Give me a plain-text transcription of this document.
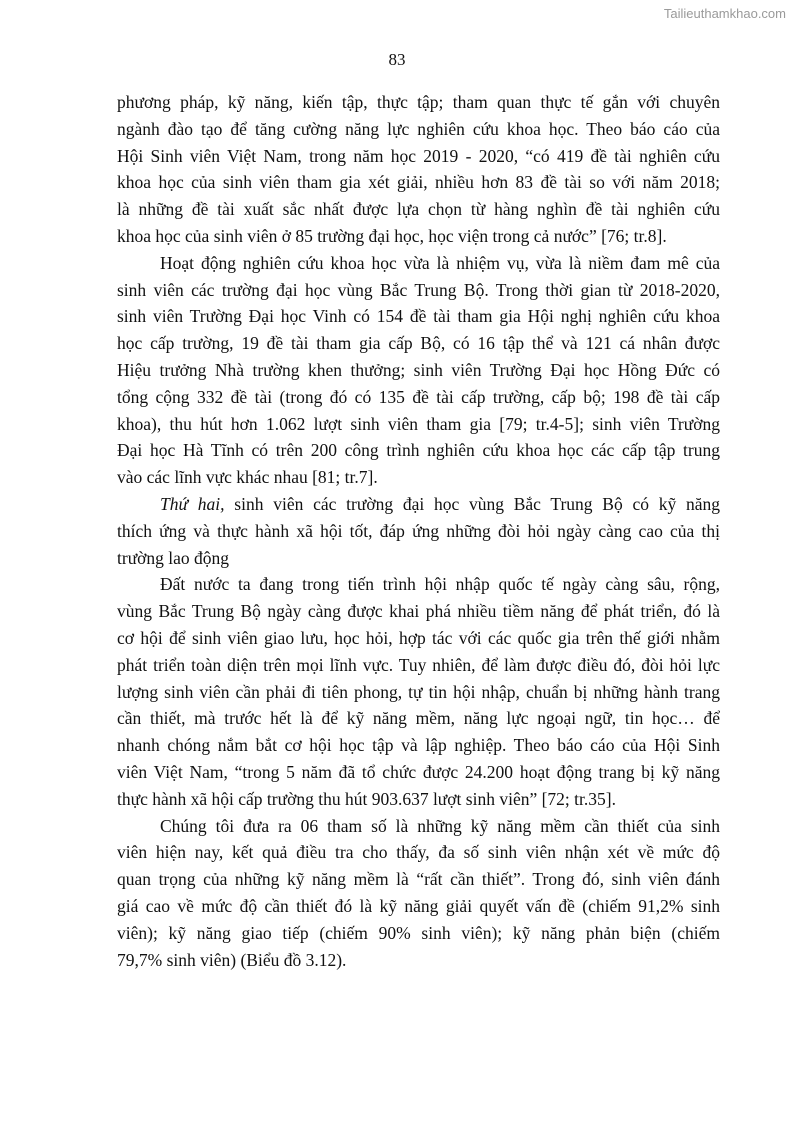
Tailieuthamkhao.com
83

phương pháp, kỹ năng, kiến tập, thực tập; tham quan thực tế gắn với chuyên
ngành đào tạo để tăng cường năng lực nghiên cứu khoa học. Theo báo cáo của
Hội Sinh viên Việt Nam, trong năm học 2019 - 2020, “có 419 đề tài nghiên cứu
khoa học của sinh viên tham gia xét giải, nhiều hơn 83 đề tài so với năm 2018;
là những đề tài xuất sắc nhất được lựa chọn từ hàng nghìn đề tài nghiên cứu
khoa học của sinh viên ở 85 trường đại học, học viện trong cả nước” [76; tr.8].

Hoạt động nghiên cứu khoa học vừa là nhiệm vụ, vừa là niềm đam mê của
sinh viên các trường đại học vùng Bắc Trung Bộ. Trong thời gian từ 2018-2020,
sinh viên Trường Đại học Vinh có 154 đề tài tham gia Hội nghị nghiên cứu khoa
học cấp trường, 19 đề tài tham gia cấp Bộ, có 16 tập thể và 121 cá nhân được
Hiệu trưởng Nhà trường khen thưởng; sinh viên Trường Đại học Hồng Đức có
tổng cộng 332 đề tài (trong đó có 135 đề tài cấp trường, cấp bộ; 198 đề tài cấp
khoa), thu hút hơn 1.062 lượt sinh viên tham gia [79; tr.4-5]; sinh viên Trường
Đại học Hà Tĩnh có trên 200 công trình nghiên cứu khoa học các cấp tập trung
vào các lĩnh vực khác nhau [81; tr.7].

Thứ hai, sinh viên các trường đại học vùng Bắc Trung Bộ có kỹ năng
thích ứng và thực hành xã hội tốt, đáp ứng những đòi hỏi ngày càng cao của thị
trường lao động

Đất nước ta đang trong tiến trình hội nhập quốc tế ngày càng sâu, rộng,
vùng Bắc Trung Bộ ngày càng được khai phá nhiều tiềm năng để phát triển, đó là
cơ hội để sinh viên giao lưu, học hỏi, hợp tác với các quốc gia trên thế giới nhằm
phát triển toàn diện trên mọi lĩnh vực. Tuy nhiên, để làm được điều đó, đòi hỏi lực
lượng sinh viên cần phải đi tiên phong, tự tin hội nhập, chuẩn bị những hành trang
cần thiết, mà trước hết là để kỹ năng mềm, năng lực ngoại ngữ, tin học… để
nhanh chóng nắm bắt cơ hội học tập và lập nghiệp. Theo báo cáo của Hội Sinh
viên Việt Nam, “trong 5 năm đã tổ chức được 24.200 hoạt động trang bị kỹ năng
thực hành xã hội cấp trường thu hút 903.637 lượt sinh viên” [72; tr.35].

Chúng tôi đưa ra 06 tham số là những kỹ năng mềm cần thiết của sinh
viên hiện nay, kết quả điều tra cho thấy, đa số sinh viên nhận xét về mức độ
quan trọng của những kỹ năng mềm là “rất cần thiết”. Trong đó, sinh viên đánh
giá cao về mức độ cần thiết đó là kỹ năng giải quyết vấn đề (chiếm 91,2% sinh
viên); kỹ năng giao tiếp (chiếm 90% sinh viên); kỹ năng phản biện (chiếm
79,7% sinh viên) (Biểu đồ 3.12).
